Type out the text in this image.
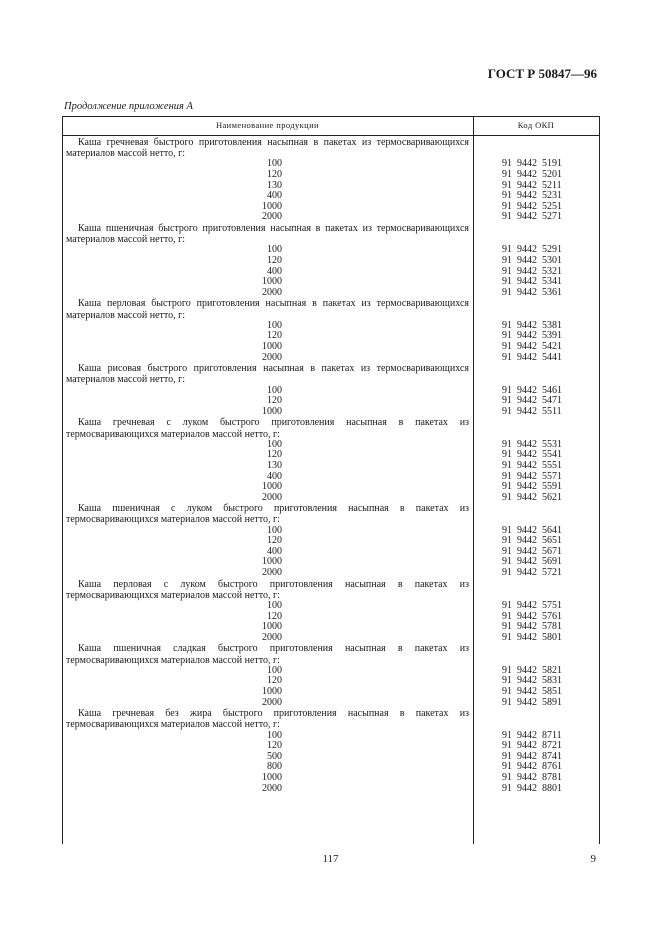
ГОСТ Р 50847—96
Продолжение приложения А
Наименование продукции	Код ОКП
Каша гречневая быстрого приготовления насыпная в пакетах из термосваривающихся материалов массой нетто, г:
100	91  9442  5191
120	91  9442  5201
130	91  9442  5211
400	91  9442  5231
1000	91  9442  5251
2000	91  9442  5271
Каша пшеничная быстрого приготовления насыпная в пакетах из термосваривающихся материалов массой нетто, г:
100	91  9442  5291
120	91  9442  5301
400	91  9442  5321
1000	91  9442  5341
2000	91  9442  5361
Каша перловая быстрого приготовления насыпная в пакетах из термосваривающихся материалов массой нетто, г:
100	91  9442  5381
120	91  9442  5391
1000	91  9442  5421
2000	91  9442  5441
Каша рисовая быстрого приготовления насыпная в пакетах из термосваривающихся материалов массой нетто, г:
100	91  9442  5461
120	91  9442  5471
1000	91  9442  5511
Каша гречневая с луком быстрого приготовления насыпная в пакетах из термосваривающихся материалов массой нетто, г:
100	91  9442  5531
120	91  9442  5541
130	91  9442  5551
400	91  9442  5571
1000	91  9442  5591
2000	91  9442  5621
Каша пшеничная с луком быстрого приготовления насыпная в пакетах из термосваривающихся материалов массой нетто, г:
100	91  9442  5641
120	91  9442  5651
400	91  9442  5671
1000	91  9442  5691
2000	91  9442  5721
Каша перловая с луком быстрого приготовления насыпная в пакетах из термосваривающихся материалов массой нетто, г:
100	91  9442  5751
120	91  9442  5761
1000	91  9442  5781
2000	91  9442  5801
Каша пшеничная сладкая быстрого приготовления насыпная в пакетах из термосваривающихся материалов массой нетто, г:
100	91  9442  5821
120	91  9442  5831
1000	91  9442  5851
2000	91  9442  5891
Каша гречневая без жира быстрого приготовления насыпная в пакетах из термосваривающихся материалов массой нетто, г:
100	91  9442  8711
120	91  9442  8721
500	91  9442  8741
800	91  9442  8761
1000	91  9442  8781
2000	91  9442  8801
117	9
